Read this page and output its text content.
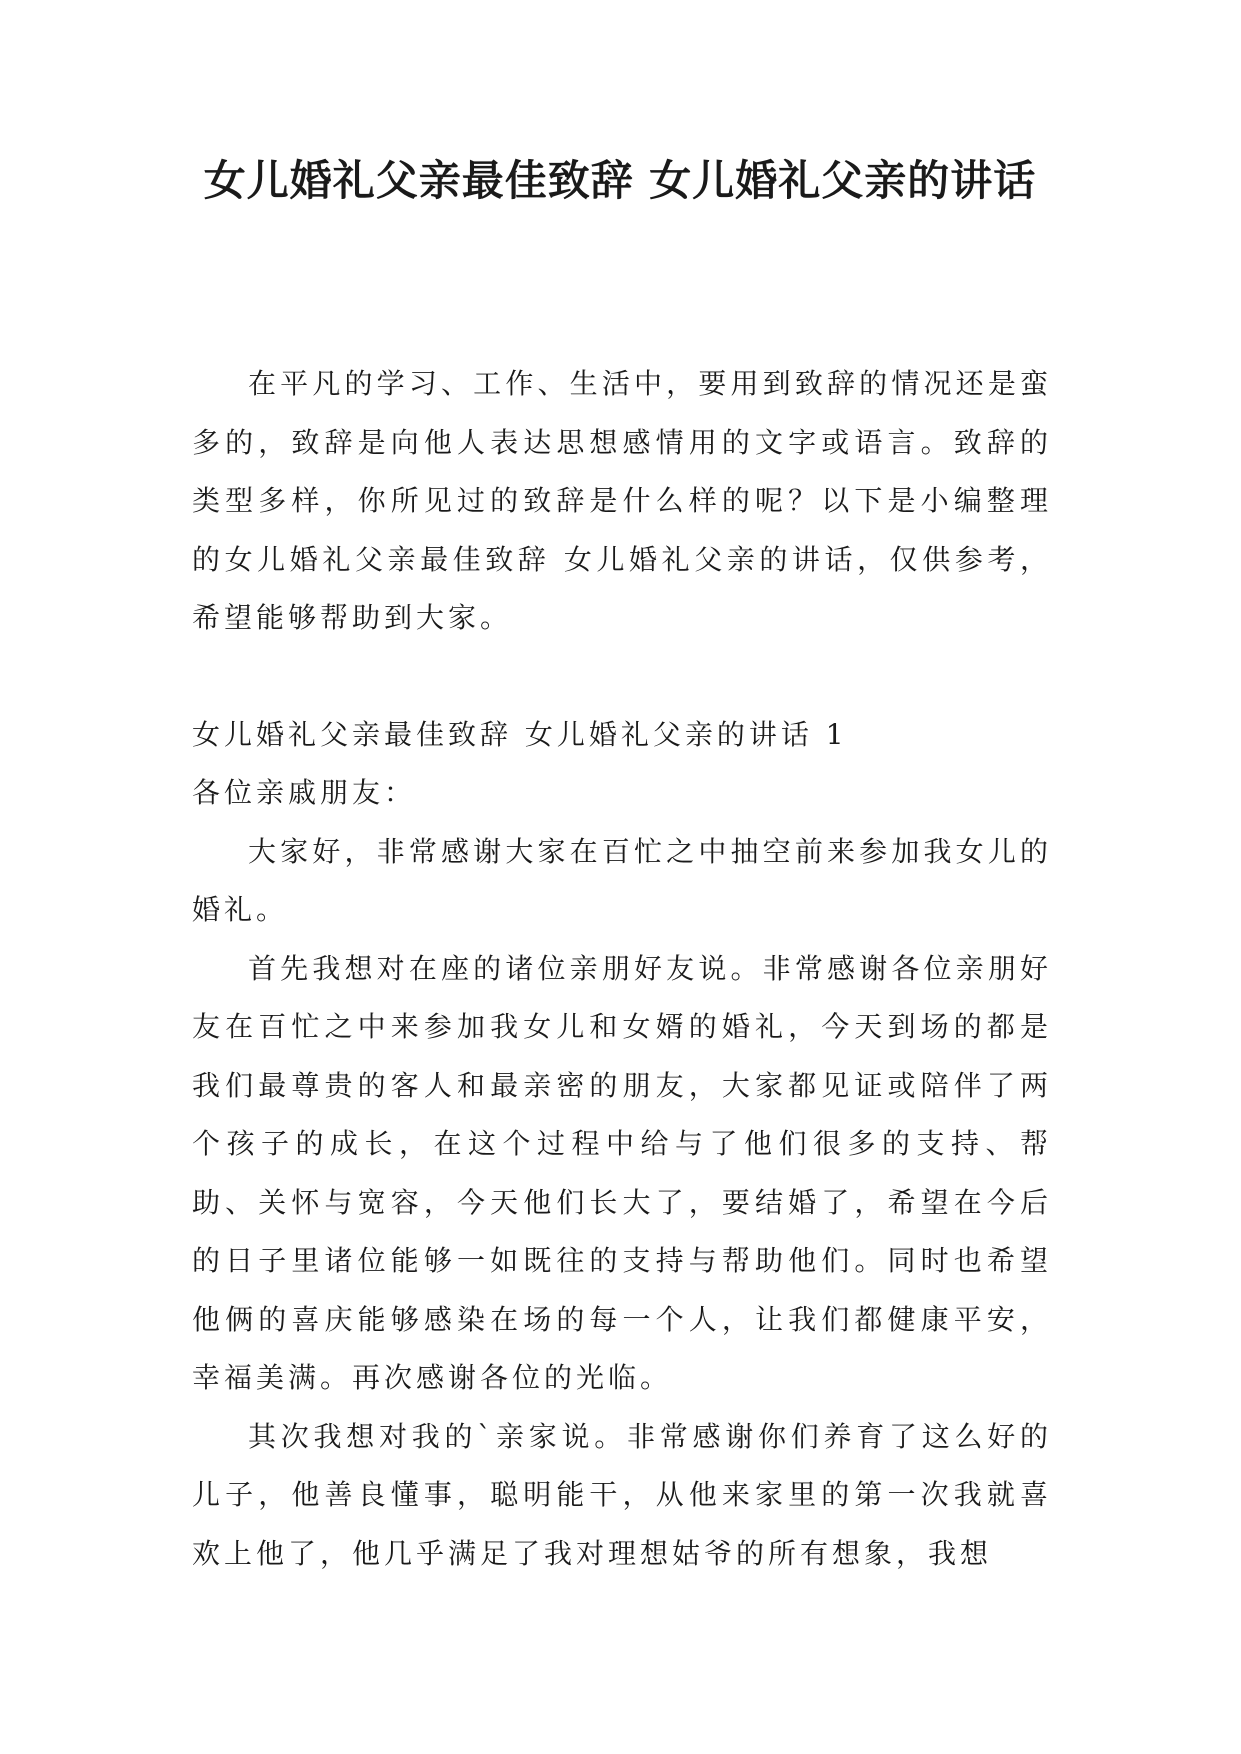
女儿婚礼父亲最佳致辞 女儿婚礼父亲的讲话

在平凡的学习、工作、生活中，要用到致辞的情况还是蛮多的，致辞是向他人表达思想感情用的文字或语言。致辞的类型多样，你所见过的致辞是什么样的呢？以下是小编整理的女儿婚礼父亲最佳致辞 女儿婚礼父亲的讲话，仅供参考，希望能够帮助到大家。

女儿婚礼父亲最佳致辞 女儿婚礼父亲的讲话 1

各位亲戚朋友：

大家好，非常感谢大家在百忙之中抽空前来参加我女儿的婚礼。

首先我想对在座的诸位亲朋好友说。非常感谢各位亲朋好友在百忙之中来参加我女儿和女婿的婚礼，今天到场的都是我们最尊贵的客人和最亲密的朋友，大家都见证或陪伴了两个孩子的成长，在这个过程中给与了他们很多的支持、帮助、关怀与宽容，今天他们长大了，要结婚了，希望在今后的日子里诸位能够一如既往的支持与帮助他们。同时也希望他俩的喜庆能够感染在场的每一个人，让我们都健康平安，幸福美满。再次感谢各位的光临。

其次我想对我的`亲家说。非常感谢你们养育了这么好的儿子，他善良懂事，聪明能干，从他来家里的第一次我就喜欢上他了，他几乎满足了我对理想姑爷的所有想象，我想
